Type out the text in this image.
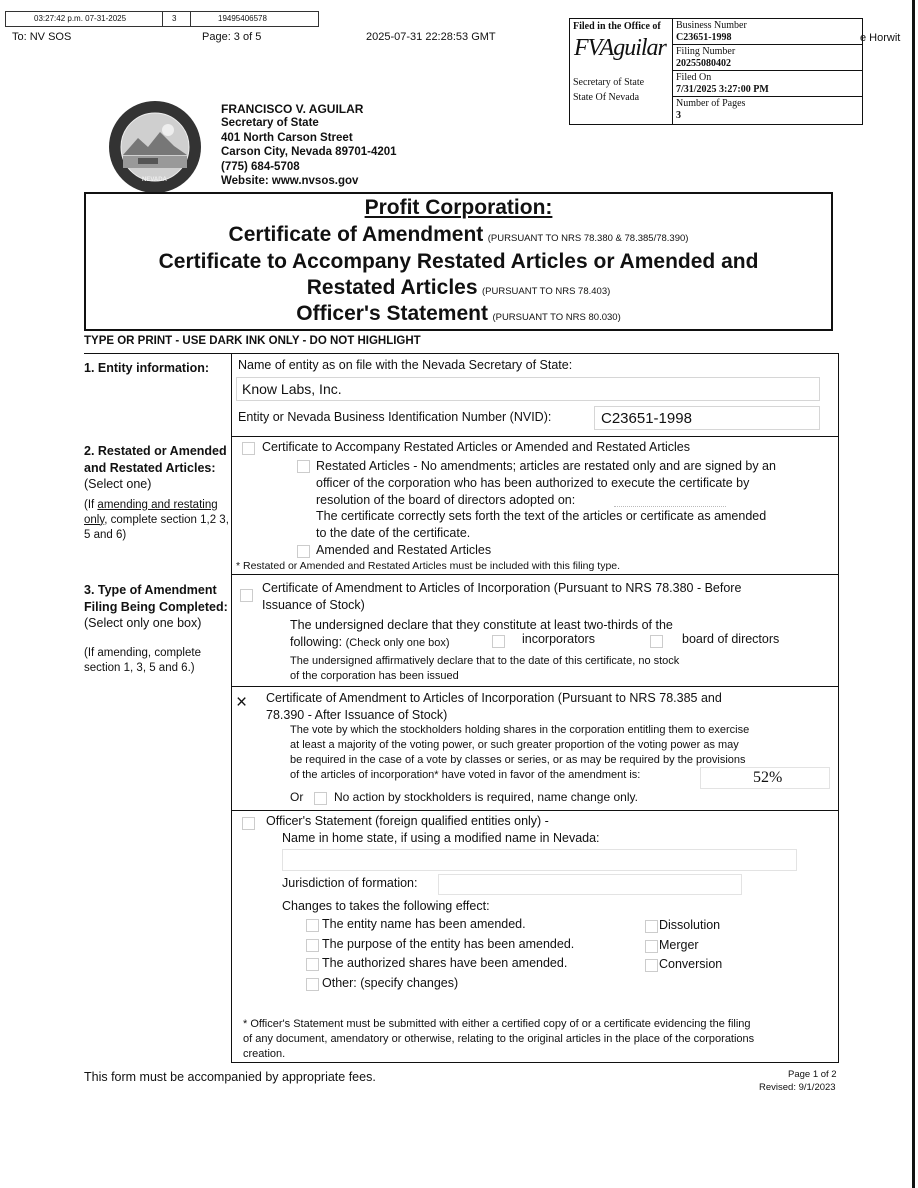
03:27:42 p.m. 07-31-2025	3	19495406578
To: NV SOS	Page: 3 of 5	2025-07-31 22:28:53 GMT	e Horwit
Filed in the Office of
FVAguilar
Secretary of State
State Of Nevada
Business Number
C23651-1998
Filing Number
20255080402
Filed On
7/31/2025 3:27:00 PM
Number of Pages
3
NEVADA
FRANCISCO V. AGUILAR
Secretary of State
401 North Carson Street
Carson City, Nevada 89701-4201
(775) 684-5708
Website: www.nvsos.gov
Profit Corporation:
Certificate of Amendment (PURSUANT TO NRS 78.380 & 78.385/78.390)
Certificate to Accompany Restated Articles or Amended and
Restated Articles (PURSUANT TO NRS 78.403)
Officer's Statement (PURSUANT TO NRS 80.030)
TYPE OR PRINT - USE DARK INK ONLY - DO NOT HIGHLIGHT
1. Entity information: Name of entity as on file with the Nevada Secretary of State:
Know Labs, Inc.
Entity or Nevada Business Identification Number (NVID):	C23651-1998
2. Restated or Amended and Restated Articles:
(Select one)
(If amending and restating only, complete section 1,2 3, 5 and 6)
Certificate to Accompany Restated Articles or Amended and Restated Articles
Restated Articles - No amendments; articles are restated only and are signed by an
officer of the corporation who has been authorized to execute the certificate by
resolution of the board of directors adopted on:
The certificate correctly sets forth the text of the articles or certificate as amended
to the date of the certificate.
Amended and Restated Articles
* Restated or Amended and Restated Articles must be included with this filing type.
3. Type of Amendment Filing Being Completed:
(Select only one box)
(If amending, complete section 1, 3, 5 and 6.)
Certificate of Amendment to Articles of Incorporation (Pursuant to NRS 78.380 - Before
Issuance of Stock)
The undersigned declare that they constitute at least two-thirds of the
following: (Check only one box)	incorporators	board of directors
The undersigned affirmatively declare that to the date of this certificate, no stock
of the corporation has been issued
×	Certificate of Amendment to Articles of Incorporation (Pursuant to NRS 78.385 and
78.390 - After Issuance of Stock)
The vote by which the stockholders holding shares in the corporation entitling them to exercise
at least a majority of the voting power, or such greater proportion of the voting power as may
be required in the case of a vote by classes or series, or as may be required by the provisions
of the articles of incorporation* have voted in favor of the amendment is:	52%
Or	No action by stockholders is required, name change only.
Officer's Statement (foreign qualified entities only) -
Name in home state, if using a modified name in Nevada:
Jurisdiction of formation:
Changes to takes the following effect:
The entity name has been amended.
The purpose of the entity has been amended.
The authorized shares have been amended.
Other: (specify changes)
Dissolution
Merger
Conversion
* Officer's Statement must be submitted with either a certified copy of or a certificate evidencing the filing
of any document, amendatory or otherwise, relating to the original articles in the place of the corporations
creation.
This form must be accompanied by appropriate fees.	Page 1 of 2
Revised: 9/1/2023
